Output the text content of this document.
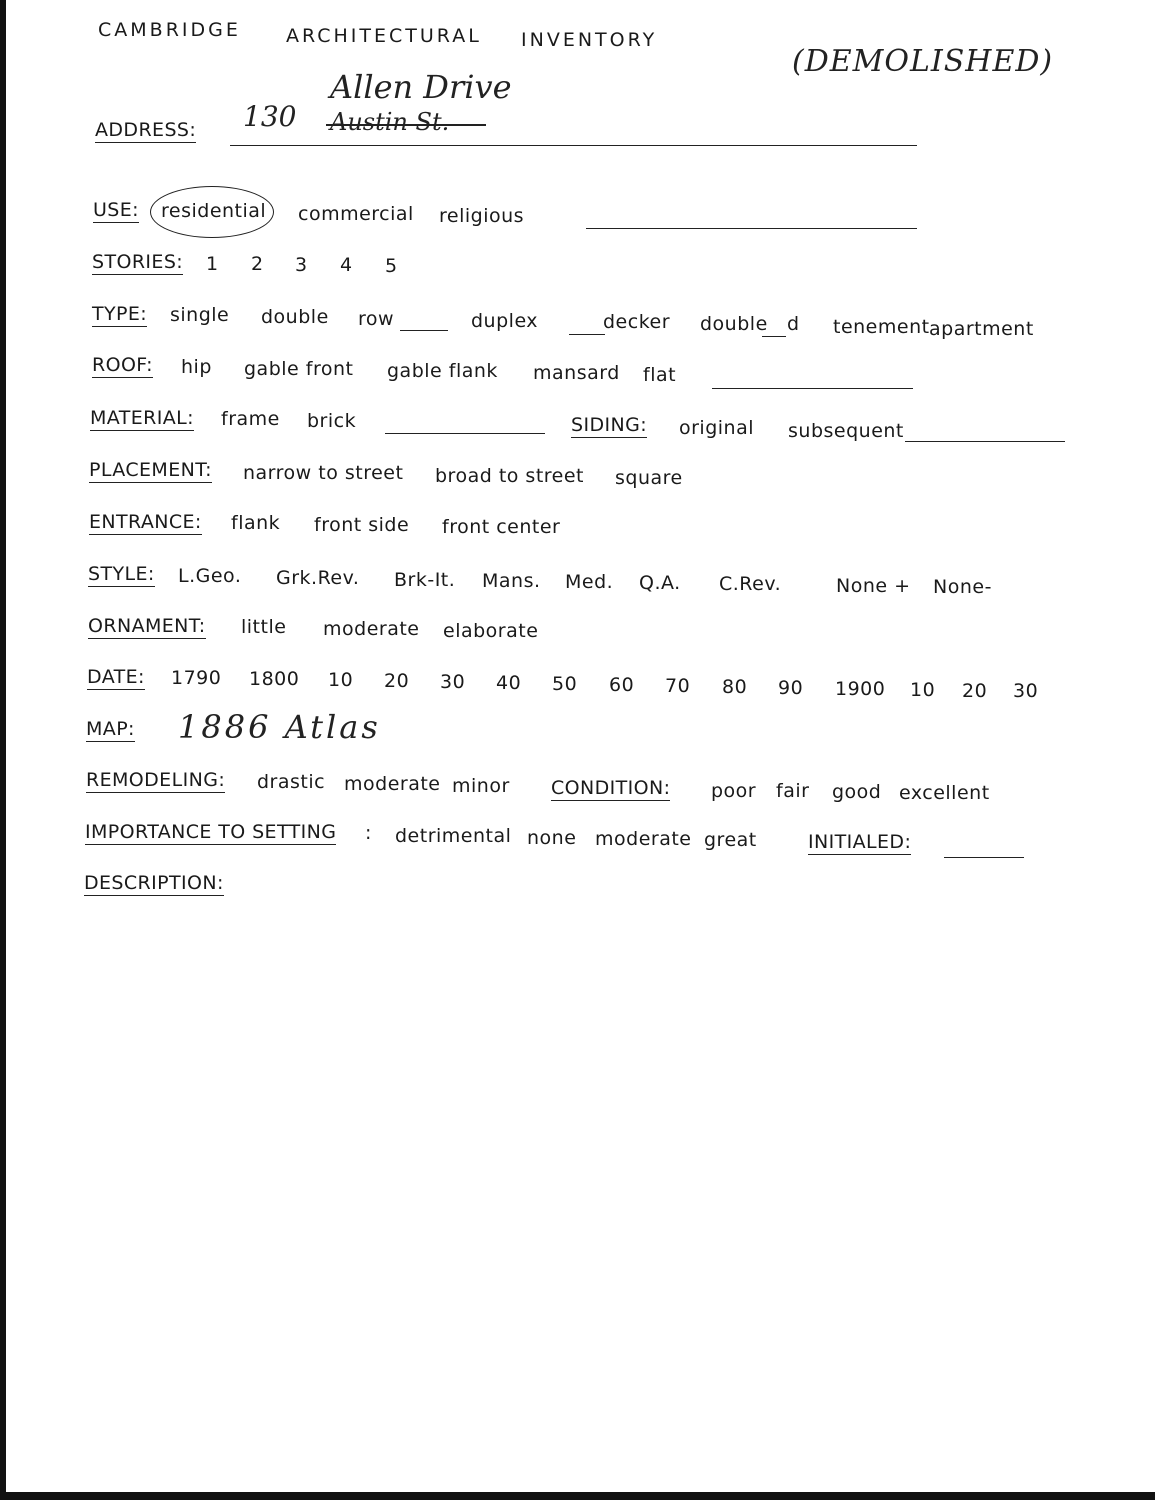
CAMBRIDGE ARCHITECTURAL INVENTORY
(DEMOLISHED)
ADDRESS: 130
Allen Drive
Austin St.
USE: residential commercial religious
STORIES: 1 2 3 4 5
TYPE: single double row	duplex	decker double d tenement apartment
ROOF: hip gable front gable flank mansard flat
MATERIAL: frame brick	SIDING: original subsequent
PLACEMENT: narrow to street broad to street square
ENTRANCE: flank front side front center
STYLE: L.Geo. Grk.Rev. Brk-It. Mans. Med. Q.A. C.Rev.	None + None-
ORNAMENT: little moderate elaborate
DATE: 1790 1800 10 20 30 40 50 60 70 80 90 1900 10 20 30
MAP: 1886 Atlas
REMODELING: drastic moderate minor CONDITION: poor fair good excellent
IMPORTANCE TO SETTING : detrimental none moderate great	INITIALED:
DESCRIPTION:
